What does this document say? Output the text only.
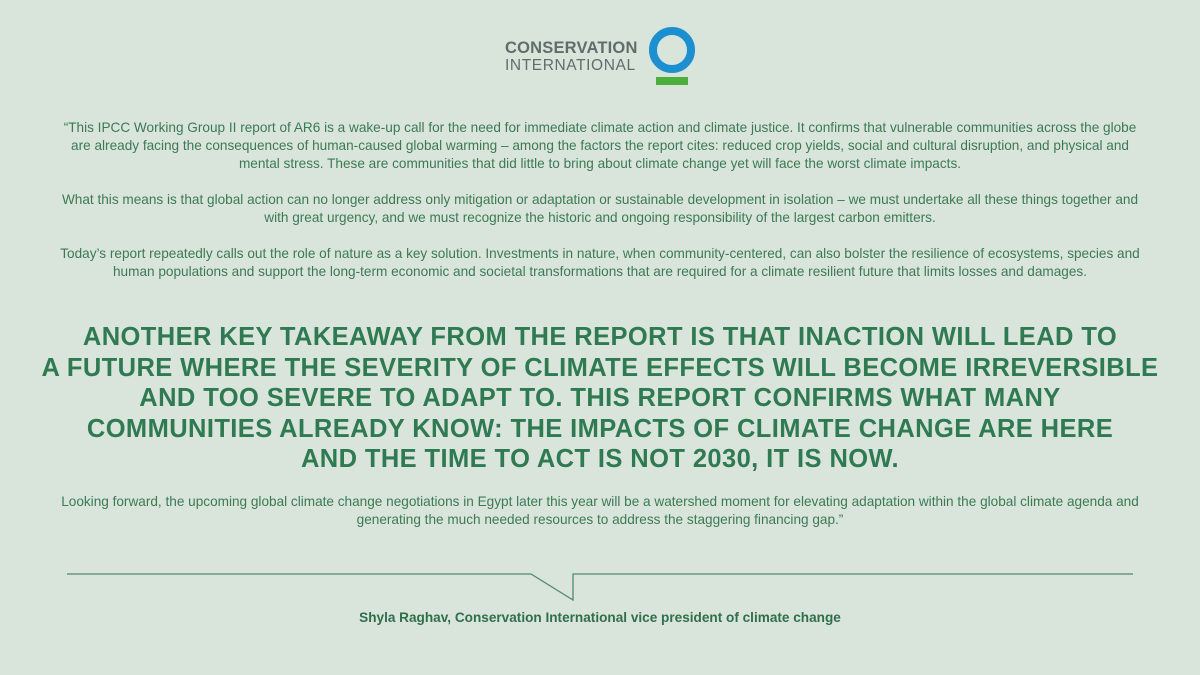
CONSERVATION
INTERNATIONAL

“This IPCC Working Group II report of AR6 is a wake-up call for the need for immediate climate action and climate justice. It confirms that vulnerable communities across the globe are already facing the consequences of human-caused global warming – among the factors the report cites: reduced crop yields, social and cultural disruption, and physical and mental stress. These are communities that did little to bring about climate change yet will face the worst climate impacts.

What this means is that global action can no longer address only mitigation or adaptation or sustainable development in isolation – we must undertake all these things together and with great urgency, and we must recognize the historic and ongoing responsibility of the largest carbon emitters.

Today’s report repeatedly calls out the role of nature as a key solution. Investments in nature, when community-centered, can also bolster the resilience of ecosystems, species and human populations and support the long-term economic and societal transformations that are required for a climate resilient future that limits losses and damages.

ANOTHER KEY TAKEAWAY FROM THE REPORT IS THAT INACTION WILL LEAD TO
A FUTURE WHERE THE SEVERITY OF CLIMATE EFFECTS WILL BECOME IRREVERSIBLE
AND TOO SEVERE TO ADAPT TO. THIS REPORT CONFIRMS WHAT MANY
COMMUNITIES ALREADY KNOW: THE IMPACTS OF CLIMATE CHANGE ARE HERE
AND THE TIME TO ACT IS NOT 2030, IT IS NOW.

Looking forward, the upcoming global climate change negotiations in Egypt later this year will be a watershed moment for elevating adaptation within the global climate agenda and generating the much needed resources to address the staggering financing gap.”

Shyla Raghav, Conservation International vice president of climate change
